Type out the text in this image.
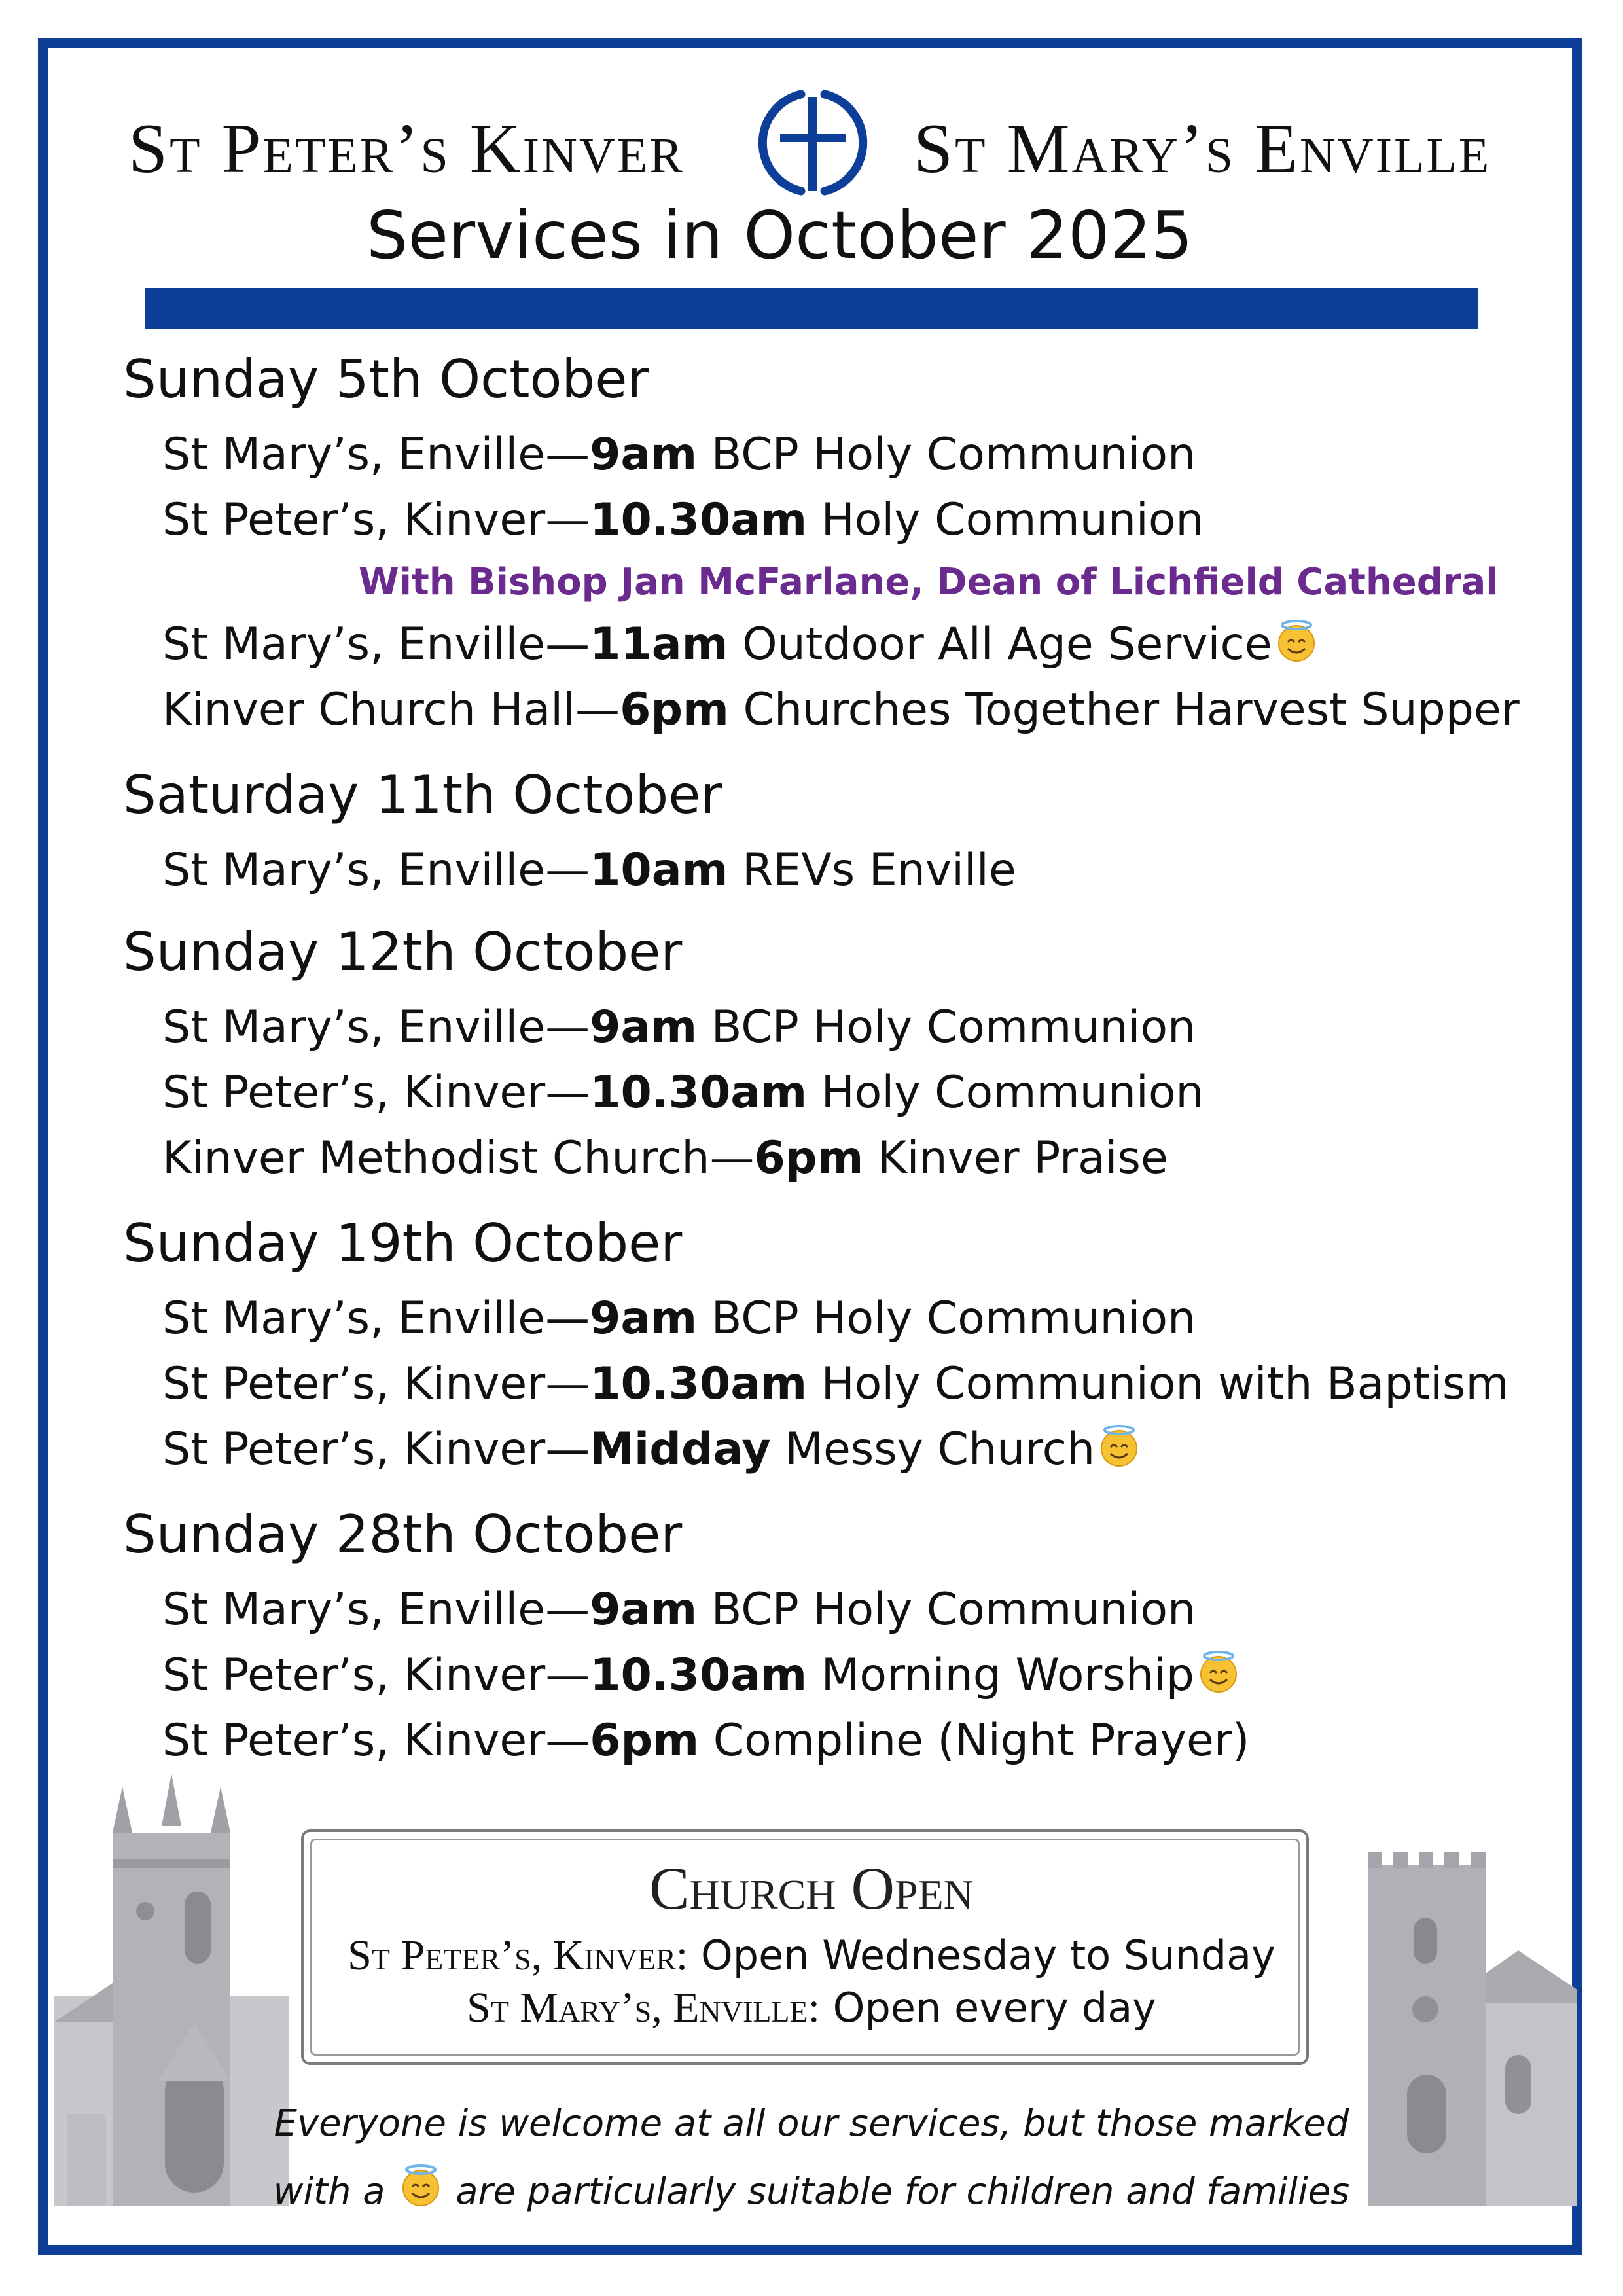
St Peter’s Kinver	St Mary’s Enville
Services in October 2025
Sunday 5th October
St Mary’s, Enville—9am BCP Holy Communion
St Peter’s, Kinver—10.30am Holy Communion
With Bishop Jan McFarlane, Dean of Lichfield Cathedral
St Mary’s, Enville—11am Outdoor All Age Service
Kinver Church Hall—6pm Churches Together Harvest Supper
Saturday 11th October
St Mary’s, Enville—10am REVs Enville
Sunday 12th October
St Mary’s, Enville—9am BCP Holy Communion
St Peter’s, Kinver—10.30am Holy Communion
Kinver Methodist Church—6pm Kinver Praise
Sunday 19th October
St Mary’s, Enville—9am BCP Holy Communion
St Peter’s, Kinver—10.30am Holy Communion with Baptism
St Peter’s, Kinver—Midday Messy Church
Sunday 28th October
St Mary’s, Enville—9am BCP Holy Communion
St Peter’s, Kinver—10.30am Morning Worship
St Peter’s, Kinver—6pm Compline (Night Prayer)
Church Open
St Peter’s, Kinver: Open Wednesday to Sunday
St Mary’s, Enville: Open every day
Everyone is welcome at all our services, but those marked
with a  are particularly suitable for children and families
